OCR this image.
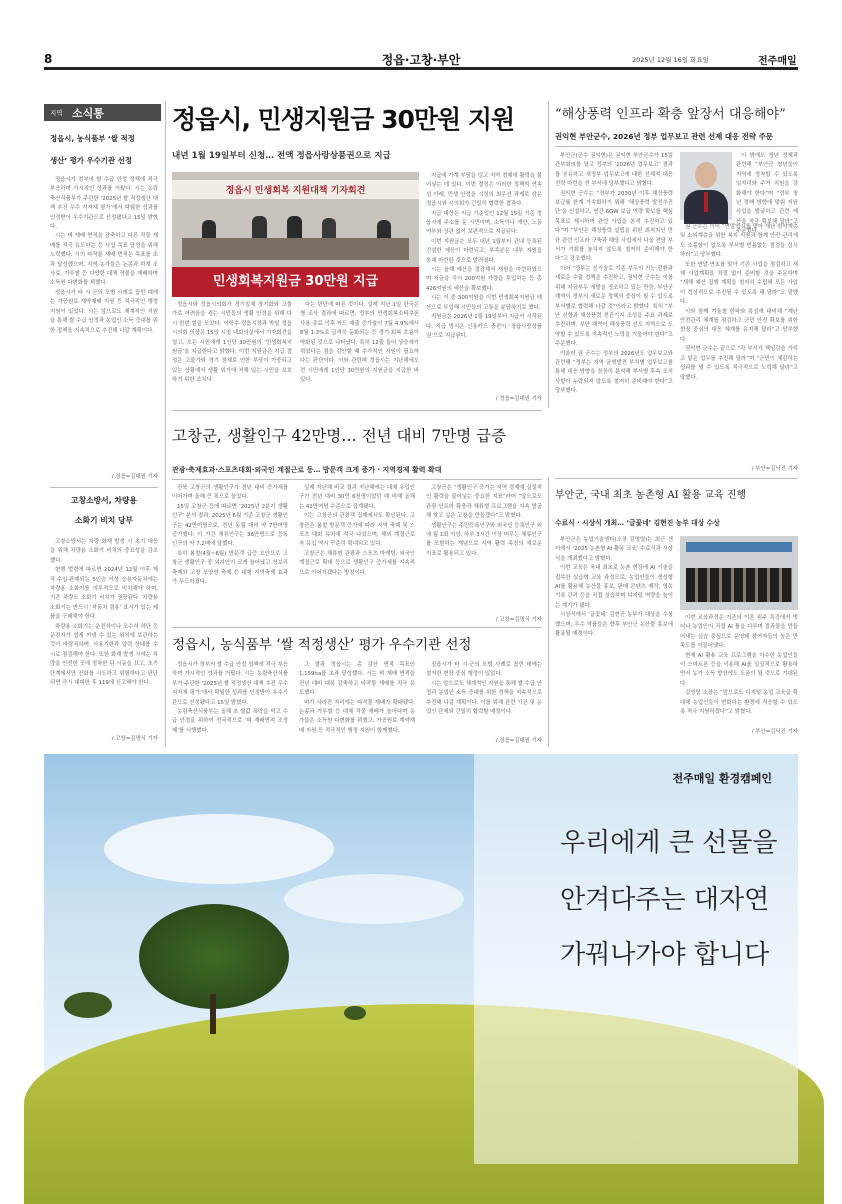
8	정읍·고창·부안	2025년 12월 16일 화요일	전주매일
지역 소식통
정읍시, 농식품부 ‘쌀 적정
생산’ 평가 우수기관 선정

정읍시가 정부의 쌀 수급 안정 정책에 적극 부응하며 가시적인 성과를 거뒀다. 시는 농림축산식품부가 주관한 ‘2025년 쌀 적정생산 대책 추진 우수 지자체 평가’에서 탁월한 성과를 인정받아 우수기관으로 선정됐다고 15일 밝혔다.

시는 벼 재배 면적을 감축하고 다른 작물 재배를 적극 유도하는 등 사업 목표 달성을 위해 노력했다. 시의 타작물 재배 면적은 목표를 초과 달성했으며, 지역 농가들은 논콩과 하계 조사료, 가루쌀 등 다양한 대체 작물을 재배하며 소득원 다변화를 꾀했다.

정읍시가 타 시·군의 모범 사례로 꼽힌 데에는 가공원료 계약재배 지원 등 적극적인 행정 지원이 있었다. 시는 앞으로도 체계적인 지원을 통해 쌀 수급 안정과 농업인 소득 증대를 위한 정책을 지속적으로 추진해 나갈 계획이다.

/ 정읍=김대원 기자
고창소방서, 차량용
소화기 비치 당부

고창소방서는 차량 화재 발생 시 초기 대응을 위해 차량용 소화기 비치의 중요성을 강조했다.

현행 법령에 따르면 2024년 12월 이후 제작·수입·판매되는 5인승 이상 승용자동차에는 차량용 소화기를 의무적으로 비치해야 하며, 기존 차량도 소화기 비치가 권장된다. 차량용 소화기는 반드시 ‘자동차 겸용’ 표시가 있는 제품을 구매해야 한다.

차량용 소화기는 운전석이나 조수석 하단 등 운전자가 쉽게 꺼낼 수 있는 위치에 보관하는 것이 바람직하며, 사용기한과 압력 상태를 수시로 점검해야 한다. 또한 화재 발생 시에는 차량을 안전한 곳에 정차한 뒤 시동을 끄고, 초기 단계에서만 진화를 시도하고 위험하다고 판단되면 즉시 대피한 후 119에 신고해야 한다.

/ 고창=김명식 기자
정읍시, 민생지원금 30만원 지원
내년 1월 19일부터 신청… 전액 정읍사랑상품권으로 지급
정읍시 민생회복 지원대책 기자회견
민생회복지원금 30만원 지급
정읍시와 정읍시의회가 경기침체 장기화와 고물가로 어려움을 겪는 시민들의 생활 안정을 위해 다시 한번 힘을 모았다. 이학수 정읍시장과 박일 정읍시의회 의장은 15일 시청 대회의실에서 기자회견을 열고, 모든 시민에게 1인당 30만원의 ‘민생회복지원금’을 지급한다고 밝혔다. 이번 지원금은 지급 결정은 고물가와 경기 침체로 인한 부담이 가중되고 있는 상황에서 생활 위기에 처해 있는 시민을 보호하기 위한 조치다.
다는 판단에 따른 것이다. 실제 지난 1일 한국은행 조사 결과에 따르면, 정부의 민생회복소비쿠폰 사용 종료 이후 카드 매출 증가율이 7월 4.9%에서 8월 1.3%로 급격히 둔화되는 등 경기 회복 흐름이 약화된 것으로 나타났다. 특히 12월 들어 상승세가 꺾였다는 점을 감안할 때 추가적인 지원이 필요하다는 판단이다. 이와 관련해 정읍시는 지난해에도 전 시민에게 1인당 30만원의 지원금을 지급한 바 있다.

지급에 가계 부담을 덜고 지역 경제에 활력을 불어넣는 데 있다. 이번 결정은 이러한 정책적 연속성 아래, 민생 안정을 시정의 최우선 과제로 삼은 정읍시와 시의회가 긴밀히 협력한 결과다.

지급 대상은 지급 기준일인 12월 15일 기준 정읍시에 주소를 둔 시민이며, 소득이나 재산, 노동 여부와 상관 없이 보편적으로 지급된다.

이번 지원금은 모두 내년 1월부터 관내 등록된 건설한 예산이 마련되고, 부족분은 내부 지원을 통해 마련한 것으로 알려졌다.

시는 올해 예산을 절감해서 재원을 마련하였으며 자금을 즉시 200억원 가량을 투입하는 등 총 426억원의 예산을 확보했다.

시는 이 중 300억원을 이번 민생회복지원금 예산으로 투입해 시민들의 고통을 분담하기로 했다.

지원금은 2026년 1월 19일부터 지급이 시작된다. 지급 방식은 신용카드 충전이 ‘정읍사랑상품권’으로 지급된다.

/ 정읍=김대원 기자
“해상풍력 인프라 확충 앞장서 대응해야”
권익현 부안군수, 2026년 정부 업무보고 관련 선제 대응 전략 주문

부안군(군수 권익현)은 권익현 부안군수가 15일 간부회의를 열고 정부의 ‘2026년 업무보고’ 결과를 공유하고 새정부 업무보고에 대한 선제적 대응 전략 마련을 전 부서에 당부했다고 밝혔다.

권익현 군수는 “정부가 2030년 이후 해상풍력 보급률 한계 가속화하기 위해 ‘해상풍력 발전추진단’을 신설하고, 연간 6GW 보급 역량 확보를 핵심 목표로 제시하며 관련 사업을 본격 추진하고 있다”며 “부안은 해상풍력 설립을 위한 최적지인 만큼 관련 인프라 구축과 해당 사업에서 나올 전담 부서가 기회를 놓치지 않도록 철저히 준비해야 한다”고 강조했다.

이어 “정부는 신기술로 기존 부두의 기능 전환과 새로운 수출 정책을 추진하고, 권익현 군수는 이를 위해 저금부두 개발을 정조하고 있는 만큼, 부안군 해역이 정부의 새로운 정책의 중심이 될 수 있도록 부서별로 협력해 나갈 것”이라고 밝혔다. 특히 “부안 신항과 해상풍력 전진기지 조성을 주요 과제로 추진하며, 부안 해역이 해상풍력 선도 지역으로 도약할 수 있도록 지속적인 노력을 기울여야 한다”고 주문했다.

이울러 권 군수는 정부의 2026년도 업무보고와 관련해 “정부는 지역 균형발전 부처별 업무보고를 통해 대응 방향을 꼼꼼히 분석해 부서별 후속 조치 사항이 누락되지 않도록 철저히 준비해야 한다”고 당부했다.

이 밖에도 청년 정책과 관련해 “부안군 청년들이 지역에 정착할 수 있도록 일자리와 주거 지원을 강화해야 한다”며 “정부 청년 정책 방향에 맞춰 지원 사업을 발굴하고 관련 예산을 적극 확보해 달라”고 주문했다.

권 군수는 이어 “연말연시를 맞아 재난 취약계층 및 소외계층을 위한 복지 지원과 함께 안전 관리에도 소홀함이 없도록 부서별 빈틈없는 점검을 실시하라”고 당부했다.

또한 연말·연초를 맞아 기존 사업을 점검하고 새해 사업계획을 차질 없이 준비할 것을 주문하며 “새해 예산 집행 계획을 철저히 수립해 모든 사업이 정상적으로 추진될 수 있도록 해 달라”고 말했다.

이와 함께 겨울철 한파와 폭설에 대비해 “재난 안전관리 체계를 점검하고 군민 안전 확보를 위한 현장 중심의 대응 체계를 유지해 달라”고 당부했다.

권익현 군수는 끝으로 “각 부서가 책임감을 가지고 맡은 업무를 추진해 달라”며 “군민이 체감하는 성과를 낼 수 있도록 적극적으로 노력해 달라”고 말했다.

/ 부안=김낙진 기자
고창군, 생활인구 42만명… 전년 대비 7만명 급증
관광·축제효과·스포츠대회·외국인 계절근로 등… 방문객 크게 증가 · 지역경제 활력 확대

전북 고창군의 생활인구가 전년 대비 증가세를 이어가며 올해 큰 폭으로 늘었다.

15일 고창군 등에 따르면 ‘2025년 2분기 생활인구’ 분석 결과, 2025년 6월 기준 고창군 생활인구는 42만여명으로, 전년 동월 대비 약 7만여명 증가했다. 이 기간 체류인구는 36만명으로 등록인구의 약 7.2배에 달했다.

특히 봄철(4월~6월) 방문객 급증 요인으로 고창군 생활인구 중 외지인이 크게 늘어났고 청보리축제와 고창 모양성 축제 등 대형 지역축제 효과가 두드러졌다.

실제 지난해 비교 결과 지난해에는 대체 유입인구가 전년 대비 30만 6천명이었던 데 비해 올해는 42만여명 수준으로 집계됐다.

이는 고창군의 관광객 집계에서도 확인된다. 고창군은 봄철 방문객 증가에 따라 지역 축제 및 스포츠 대회 유치에 적극 나섰으며, 해외 계절근로자 유입 역시 꾸준히 확대되고 있다.

고창군은 체류형 관광과 스포츠 마케팅, 외국인 계절근로 확대 등으로 생활인구 증가세를 지속적으로 이어가겠다는 방침이다.

고창군은 “생활인구 증가는 지역 경제에 실질적인 활력을 불어넣는 중요한 지표”라며 “앞으로도 관광 인프라 확충과 체류형 프로그램을 지속 발굴해 찾고 싶은 고창을 만들겠다”고 밝혔다.

생활인구는 주민등록인구와 외국인 등록인구 외에 월 1회 이상, 하루 3시간 이상 머무는 체류인구를 포함하는 개념으로 지역 활력 측정의 새로운 지표로 활용되고 있다.

/ 고창=김명식 기자
부안군, 국내 최초 농촌형 AI 활용 교육 진행
수료식 · 시상식 개최… ‘글꽃네’ 김현진 농부 대상 수상

부안군은 농업기술센터(소장 김영렬)는 최근 센터에서 ‘2025 농촌형 AI 활용 교육’ 수료식과 시상식을 개최했다고 밝혔다.

이번 교육은 국내 최초로 농촌 현장에 AI 기술을 접목한 실습형 교육 과정으로, 농업인들이 생성형 AI를 활용해 농산물 홍보, 판매 콘텐츠 제작, 영농 기록 관리 등을 직접 실습하며 디지털 역량을 높이는 계기가 됐다.

시상식에서 ‘글꽃네’ 김현진 농부가 대상을 수상했으며, 우수 작품들은 향후 부안군 농산물 홍보에 활용될 예정이다.

이번 교육과정은 기존의 이론 위주 특강에서 벗어나 농업인이 직접 AI 툴을 다루며 결과물을 만들어내는 실습 중심으로 운영돼 참여자들의 높은 만족도를 이끌어냈다.

현재 AI 활용 교육 프로그램을 이수한 농업인들이 스마트폰 등을 이용해 AI를 일상적으로 활용하면서 농가 소득 향상에도 도움이 될 것으로 기대된다.

김영렬 소장은 “앞으로도 디지털 농업 교육을 확대해 농업인들이 변화하는 환경에 적응할 수 있도록 적극 지원하겠다”고 밝혔다.

/ 부안=김낙진 기자
정읍시, 농식품부 ‘쌀 적정생산’ 평가 우수기관 선정

정읍시가 정부의 쌀 수급 안정 정책에 적극 부응하며 가시적인 성과를 거뒀다. 시는 농림축산식품부가 주관한 ‘2025년 쌀 적정생산 대책 추진 우수 지자체 평가’에서 탁월한 성과를 인정받아 우수기관으로 선정됐다고 15일 밝혔다.

농림축산식품부는 올해 초 쌀값 폭락을 막고 수급 안정을 위하여 전국적으로 ‘벼 재배면적 조정제’를 시행했다.

그 결과 정읍시는 총 감산 면적 목표인 1,159ha를 초과 달성했다. 시는 벼 재배 면적을 전년 대비 대폭 감축하고 타작물 재배를 적극 유도했다.

벼가 사라진 자리에는 타작물 재배가 확대됐다. 논콩과 가루쌀 등 대체 작물 재배가 늘어나며 농가들은 소득원 다변화를 꾀했고, 가공원료 계약재배 지원 등 적극적인 행정 지원이 함께했다.

정읍시가 타 시·군의 모범 사례로 꼽힌 데에는 철저한 현장 중심 행정이 있었다.

시는 앞으로도 체계적인 지원을 통해 쌀 수급 안정과 농업인 소득 증대를 위한 정책을 지속적으로 추진해 나갈 계획이다. 이를 위해 관련 기관 및 농업인 단체와 긴밀히 협력할 예정이다.

/ 정읍=김대원 기자
전주매일 환경캠페인
우리에게 큰 선물을
안겨다주는 대자연
가꿔나가야 합니다
